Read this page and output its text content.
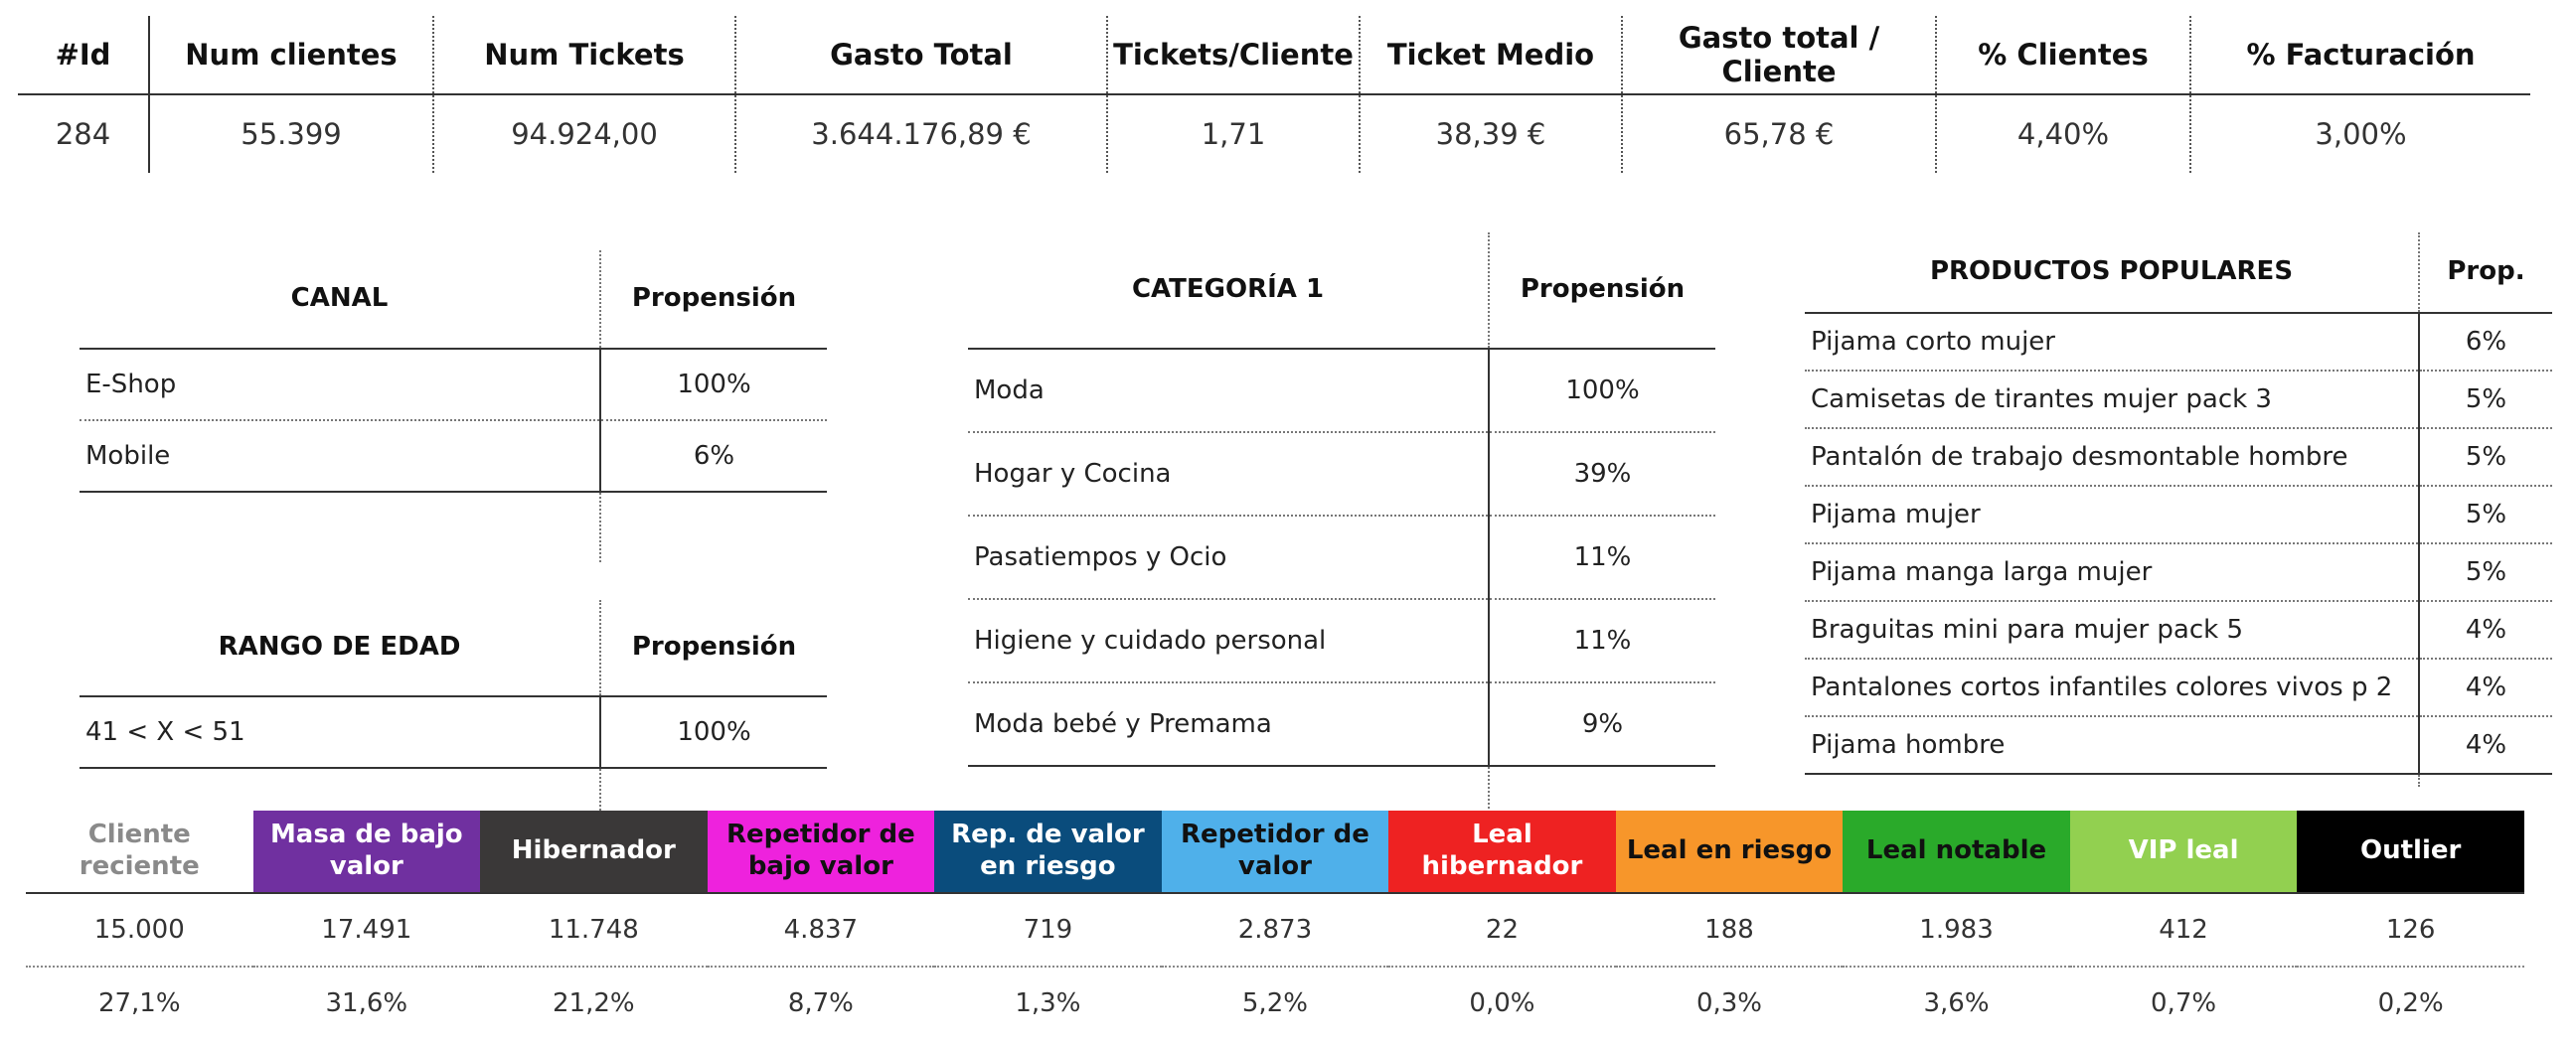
#Id	Num clientes	Num Tickets	Gasto Total	Tickets/Cliente	Ticket Medio	Gasto total / Cliente	% Clientes	% Facturación
284	55.399	94.924,00	3.644.176,89 €	1,71	38,39 €	65,78 €	4,40%	3,00%
CANAL	Propensión
E-Shop	100%
Mobile	6%

RANGO DE EDAD	Propensión
41 < X < 51	100%

CATEGORÍA 1	Propensión
Moda	100%
Hogar y Cocina	39%
Pasatiempos y Ocio	11%
Higiene y cuidado personal	11%
Moda bebé y Premama	9%

PRODUCTOS POPULARES	Prop.
Pijama corto mujer	6%
Camisetas de tirantes mujer pack 3	5%
Pantalón de trabajo desmontable hombre	5%
Pijama mujer	5%
Pijama manga larga mujer	5%
Braguitas mini para mujer pack 5	4%
Pantalones cortos infantiles colores vivos p 2	4%
Pijama hombre	4%

Cliente reciente	Masa de bajo valor	Hibernador	Repetidor de bajo valor	Rep. de valor en riesgo	Repetidor de valor	Leal hibernador	Leal en riesgo	Leal notable	VIP leal	Outlier
15.000	17.491	11.748	4.837	719	2.873	22	188	1.983	412	126
27,1%	31,6%	21,2%	8,7%	1,3%	5,2%	0,0%	0,3%	3,6%	0,7%	0,2%
